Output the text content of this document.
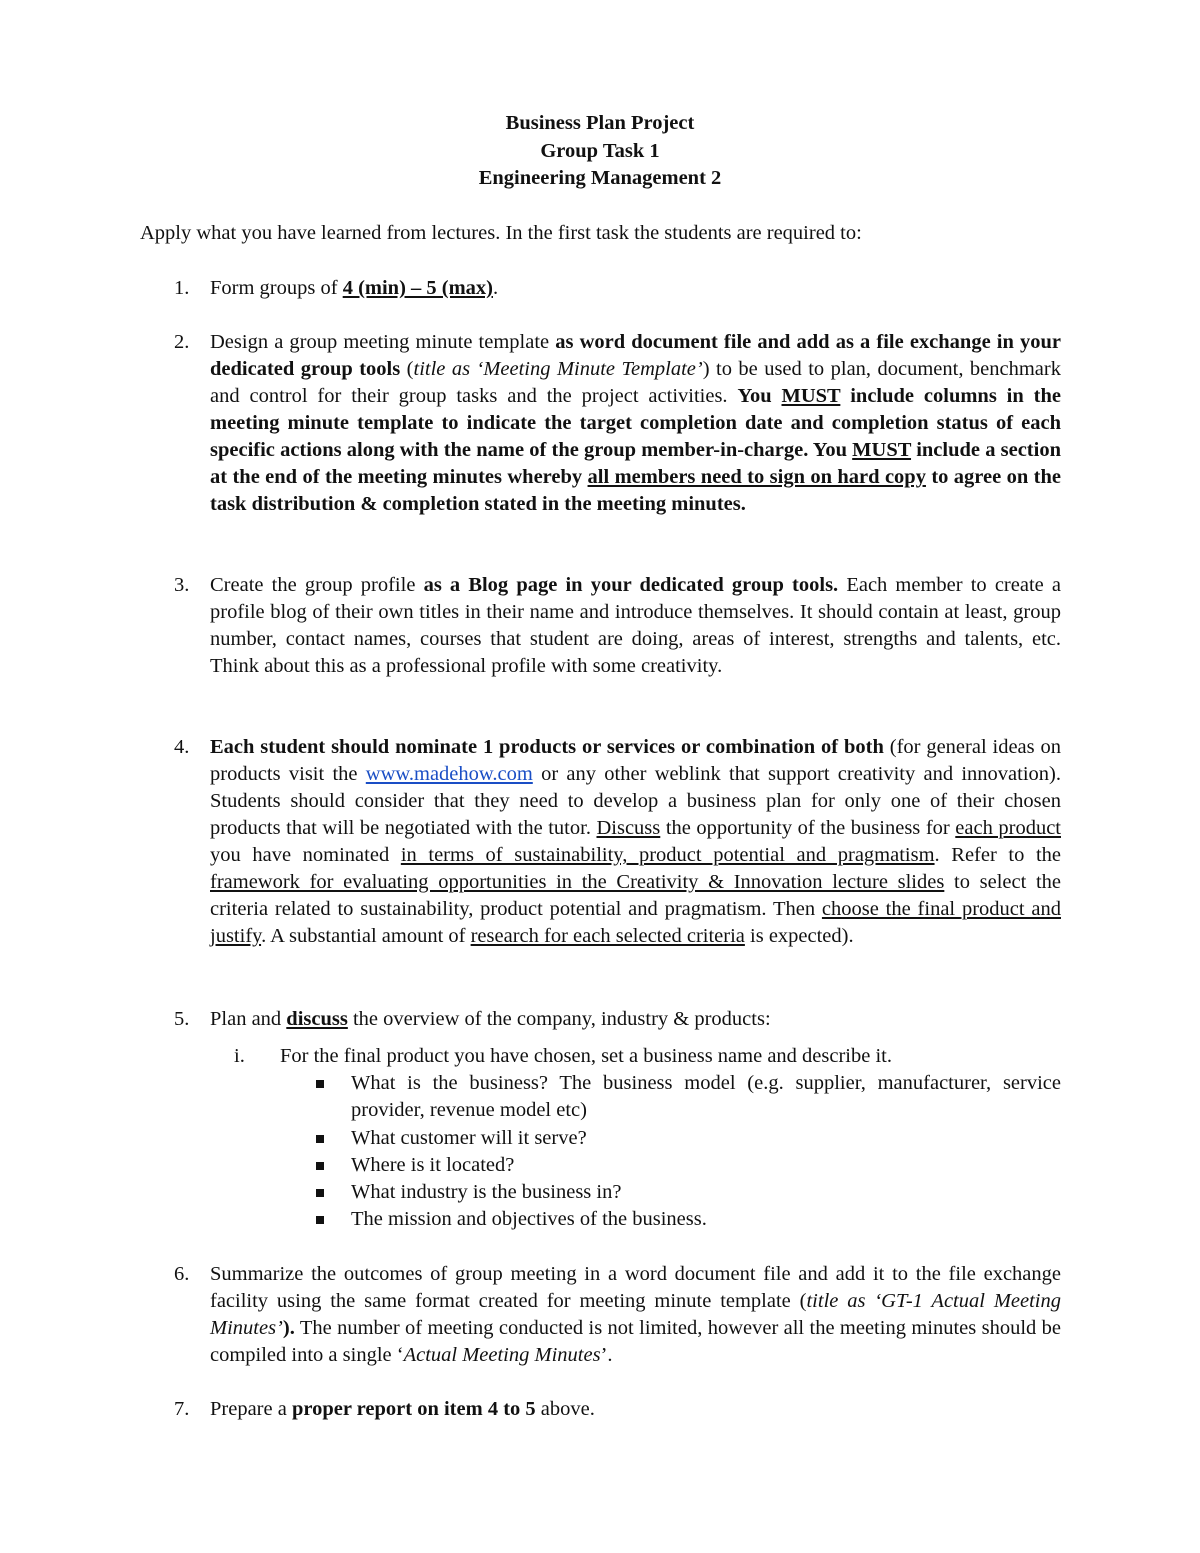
Business Plan Project
Group Task 1
Engineering Management 2
Apply what you have learned from lectures. In the first task the students are required to:
1. Form groups of 4 (min) – 5 (max).
2. Design a group meeting minute template as word document file and add as a file exchange in your dedicated group tools (title as ‘Meeting Minute Template’) to be used to plan, document, benchmark and control for their group tasks and the project activities. You MUST include columns in the meeting minute template to indicate the target completion date and completion status of each specific actions along with the name of the group member-in-charge. You MUST include a section at the end of the meeting minutes whereby all members need to sign on hard copy to agree on the task distribution & completion stated in the meeting minutes.
3. Create the group profile as a Blog page in your dedicated group tools. Each member to create a profile blog of their own titles in their name and introduce themselves. It should contain at least, group number, contact names, courses that student are doing, areas of interest, strengths and talents, etc. Think about this as a professional profile with some creativity.
4. Each student should nominate 1 products or services or combination of both (for general ideas on products visit the www.madehow.com or any other weblink that support creativity and innovation). Students should consider that they need to develop a business plan for only one of their chosen products that will be negotiated with the tutor. Discuss the opportunity of the business for each product you have nominated in terms of sustainability, product potential and pragmatism. Refer to the framework for evaluating opportunities in the Creativity & Innovation lecture slides to select the criteria related to sustainability, product potential and pragmatism. Then choose the final product and justify. A substantial amount of research for each selected criteria is expected).
5. Plan and discuss the overview of the company, industry & products:
i. For the final product you have chosen, set a business name and describe it.
What is the business? The business model (e.g. supplier, manufacturer, service provider, revenue model etc)
What customer will it serve?
Where is it located?
What industry is the business in?
The mission and objectives of the business.
6. Summarize the outcomes of group meeting in a word document file and add it to the file exchange facility using the same format created for meeting minute template (title as ‘GT-1 Actual Meeting Minutes’). The number of meeting conducted is not limited, however all the meeting minutes should be compiled into a single ‘Actual Meeting Minutes’.
7. Prepare a proper report on item 4 to 5 above.
